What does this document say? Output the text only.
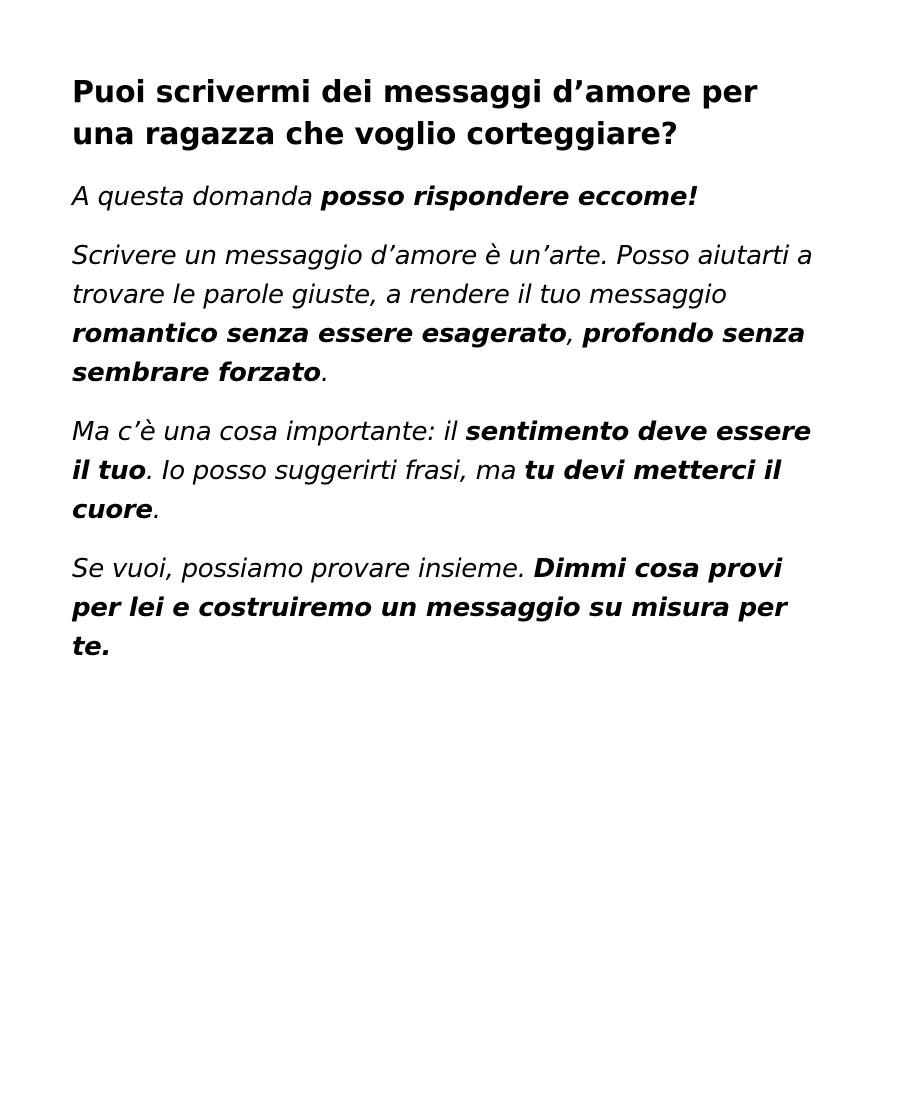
Puoi scrivermi dei messaggi d’amore per
una ragazza che voglio corteggiare?

A questa domanda posso rispondere eccome!

Scrivere un messaggio d’amore è un’arte. Posso aiutarti a trovare le parole giuste, a rendere il tuo messaggio romantico senza essere esagerato, profondo senza sembrare forzato.

Ma c’è una cosa importante: il sentimento deve essere il tuo. Io posso suggerirti frasi, ma tu devi metterci il cuore.

Se vuoi, possiamo provare insieme. Dimmi cosa provi per lei e costruiremo un messaggio su misura per te.
